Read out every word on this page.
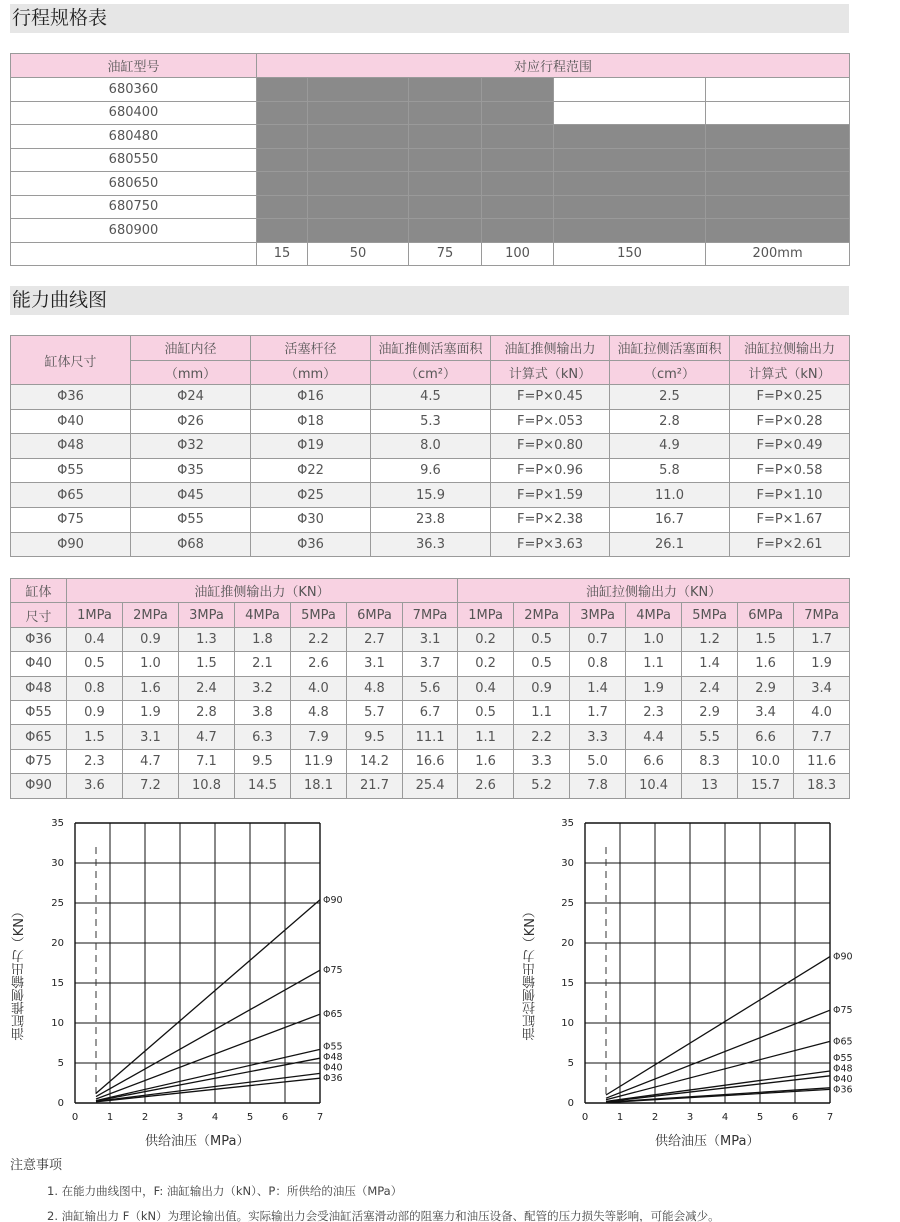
行程规格表
油缸型号	对应行程范围					
680360						
680400						
680480						
680550						
680650						
680750						
680900						
	15	50	75	100	150	200mm
能力曲线图
缸体尺寸	油缸内径	活塞杆径	油缸推侧活塞面积	油缸推侧输出力	油缸拉侧活塞面积	油缸拉侧输出力
	（mm）	（mm）	（cm²）	计算式（kN）	（cm²）	计算式（kN）
Φ36	Φ24	Φ16	4.5	F=P×0.45	2.5	F=P×0.25
Φ40	Φ26	Φ18	5.3	F=P×.053	2.8	F=P×0.28
Φ48	Φ32	Φ19	8.0	F=P×0.80	4.9	F=P×0.49
Φ55	Φ35	Φ22	9.6	F=P×0.96	5.8	F=P×0.58
Φ65	Φ45	Φ25	15.9	F=P×1.59	11.0	F=P×1.10
Φ75	Φ55	Φ30	23.8	F=P×2.38	16.7	F=P×1.67
Φ90	Φ68	Φ36	36.3	F=P×3.63	26.1	F=P×2.61
缸体	油缸推侧输出力（KN）							油缸拉侧输出力（KN）						
尺寸	1MPa	2MPa	3MPa	4MPa	5MPa	6MPa	7MPa	1MPa	2MPa	3MPa	4MPa	5MPa	6MPa	7MPa
Φ36	0.4	0.9	1.3	1.8	2.2	2.7	3.1	0.2	0.5	0.7	1.0	1.2	1.5	1.7
Φ40	0.5	1.0	1.5	2.1	2.6	3.1	3.7	0.2	0.5	0.8	1.1	1.4	1.6	1.9
Φ48	0.8	1.6	2.4	3.2	4.0	4.8	5.6	0.4	0.9	1.4	1.9	2.4	2.9	3.4
Φ55	0.9	1.9	2.8	3.8	4.8	5.7	6.7	0.5	1.1	1.7	2.3	2.9	3.4	4.0
Φ65	1.5	3.1	4.7	6.3	7.9	9.5	11.1	1.1	2.2	3.3	4.4	5.5	6.6	7.7
Φ75	2.3	4.7	7.1	9.5	11.9	14.2	16.6	1.6	3.3	5.0	6.6	8.3	10.0	11.6
Φ90	3.6	7.2	10.8	14.5	18.1	21.7	25.4	2.6	5.2	7.8	10.4	13	15.7	18.3
0	1	2	3	4	5	6	7
0
5
10
15
20
25
30
35
Φ36
Φ40
Φ48
Φ55
Φ65
Φ75
Φ90
油缸推侧输出力（KN）
供给油压（MPa）
0	1	2	3	4	5	6	7
0
5
10
15
20
25
30
35
Φ36
Φ40
Φ48
Φ55
Φ65
Φ75
Φ90
油缸拉侧输出力（KN）
供给油压（MPa）
注意事项
1. 在能力曲线图中，F: 油缸输出力（kN）、P：所供给的油压（MPa）
2. 油缸输出力 F（kN）为理论输出值。实际输出力会受油缸活塞滑动部的阻塞力和油压设备、配管的压力损失等影响，可能会减少。
